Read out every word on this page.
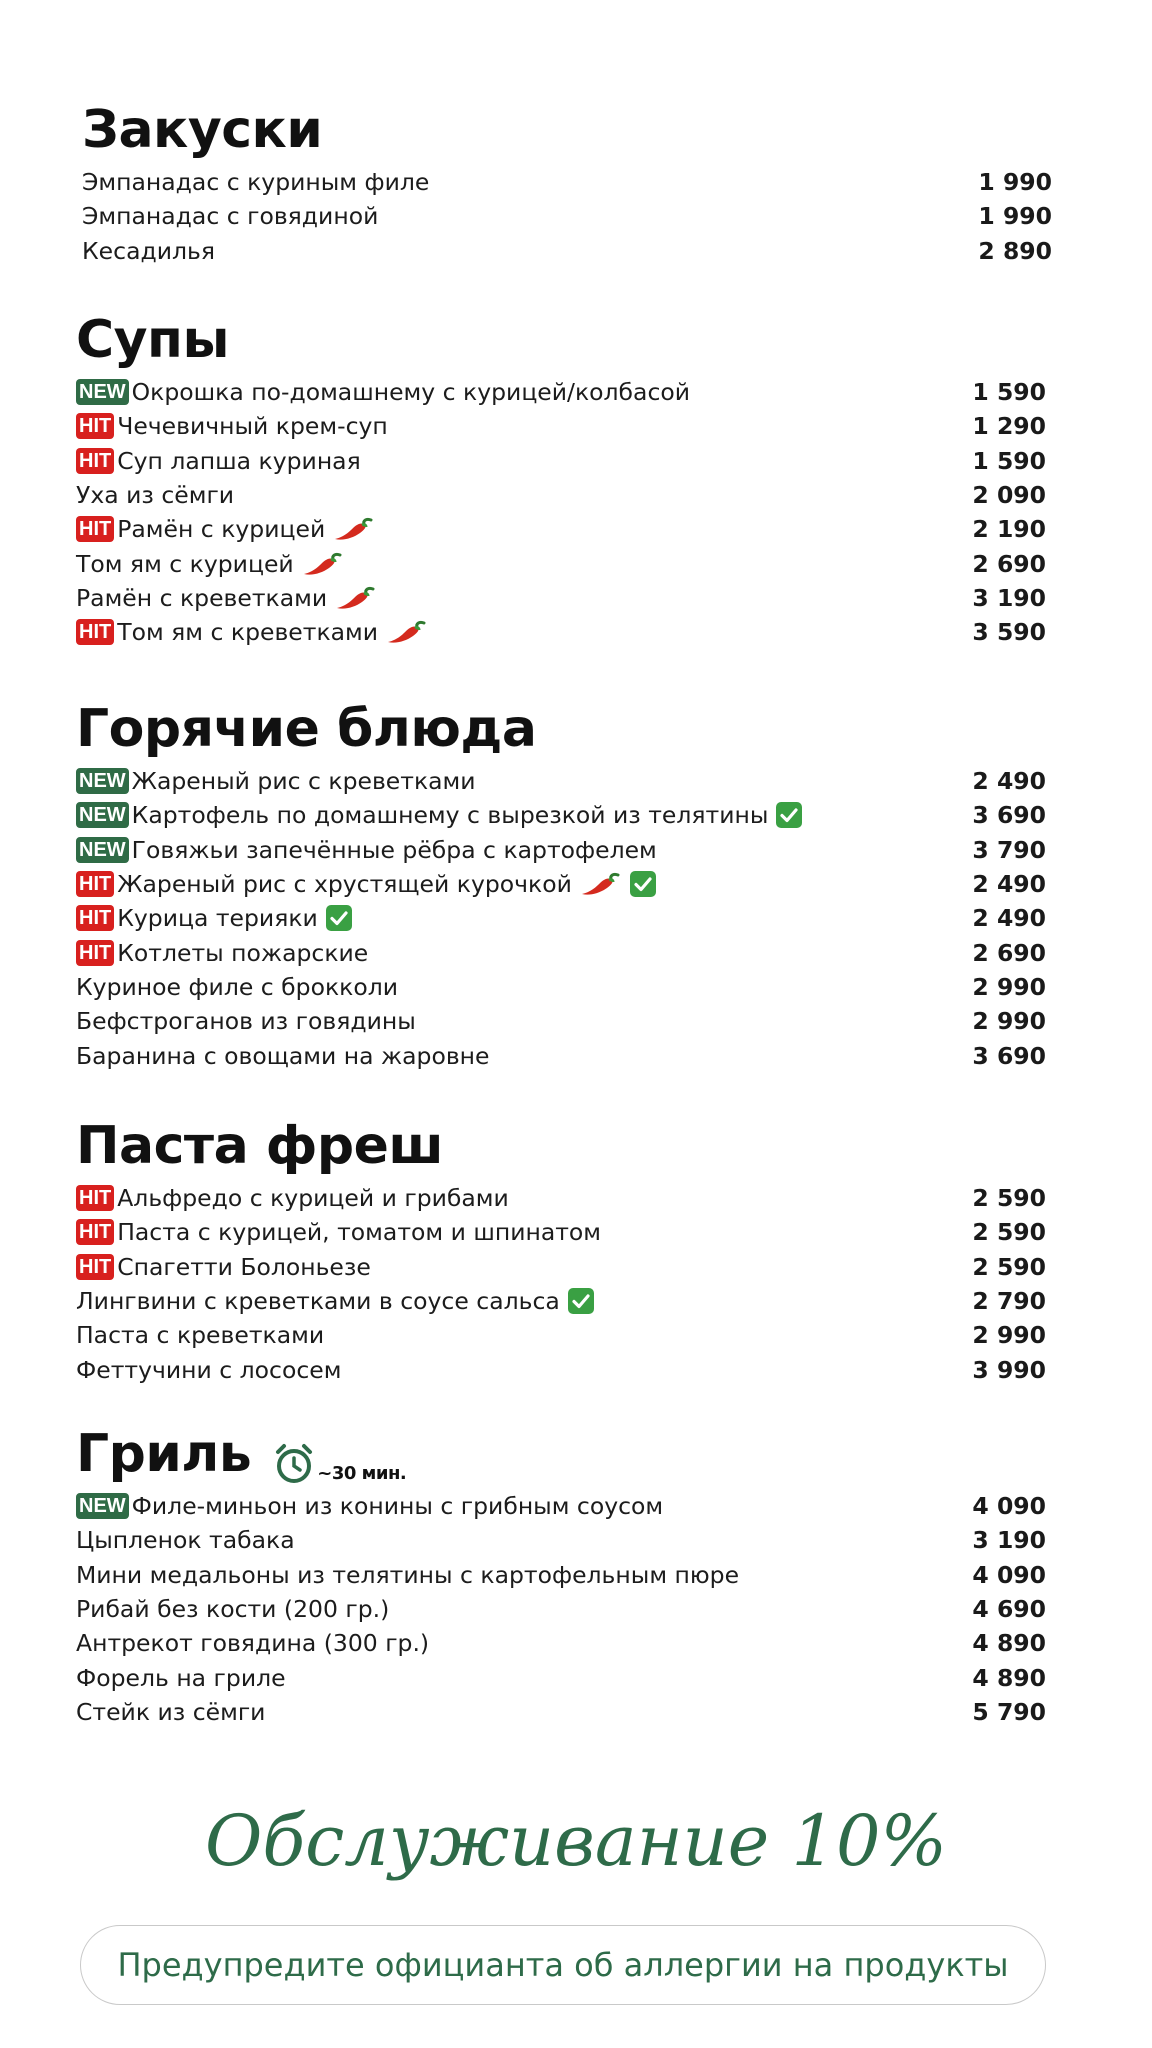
Закуски
Эмпанадас с куриным филе	1 990
Эмпанадас с говядиной	1 990
Кесадилья	2 890
Супы
NEW Окрошка по-домашнему с курицей/колбасой	1 590
HIT Чечевичный крем-суп	1 290
HIT Суп лапша куриная	1 590
Уха из сёмги	2 090
HIT Рамён с курицей	2 190
Том ям с курицей	2 690
Рамён с креветками	3 190
HIT Том ям с креветками	3 590
Горячие блюда
NEW Жареный рис с креветками	2 490
NEW Картофель по домашнему с вырезкой из телятины	3 690
NEW Говяжьи запечённые рёбра с картофелем	3 790
HIT Жареный рис с хрустящей курочкой	2 490
HIT Курица терияки	2 490
HIT Котлеты пожарские	2 690
Куриное филе с брокколи	2 990
Бефстроганов из говядины	2 990
Баранина с овощами на жаровне	3 690
Паста фреш
HIT Альфредо с курицей и грибами	2 590
HIT Паста с курицей, томатом и шпинатом	2 590
HIT Спагетти Болоньезе	2 590
Лингвини с креветками в соусе сальса	2 790
Паста с креветками	2 990
Феттучини с лососем	3 990
Гриль	~30 мин.
NEW Филе-миньон из конины с грибным соусом	4 090
Цыпленок табака	3 190
Мини медальоны из телятины с картофельным пюре	4 090
Рибай без кости (200 гр.)	4 690
Антрекот говядина (300 гр.)	4 890
Форель на гриле	4 890
Стейк из сёмги	5 790
Обслуживание 10%
Предупредите официанта об аллергии на продукты
